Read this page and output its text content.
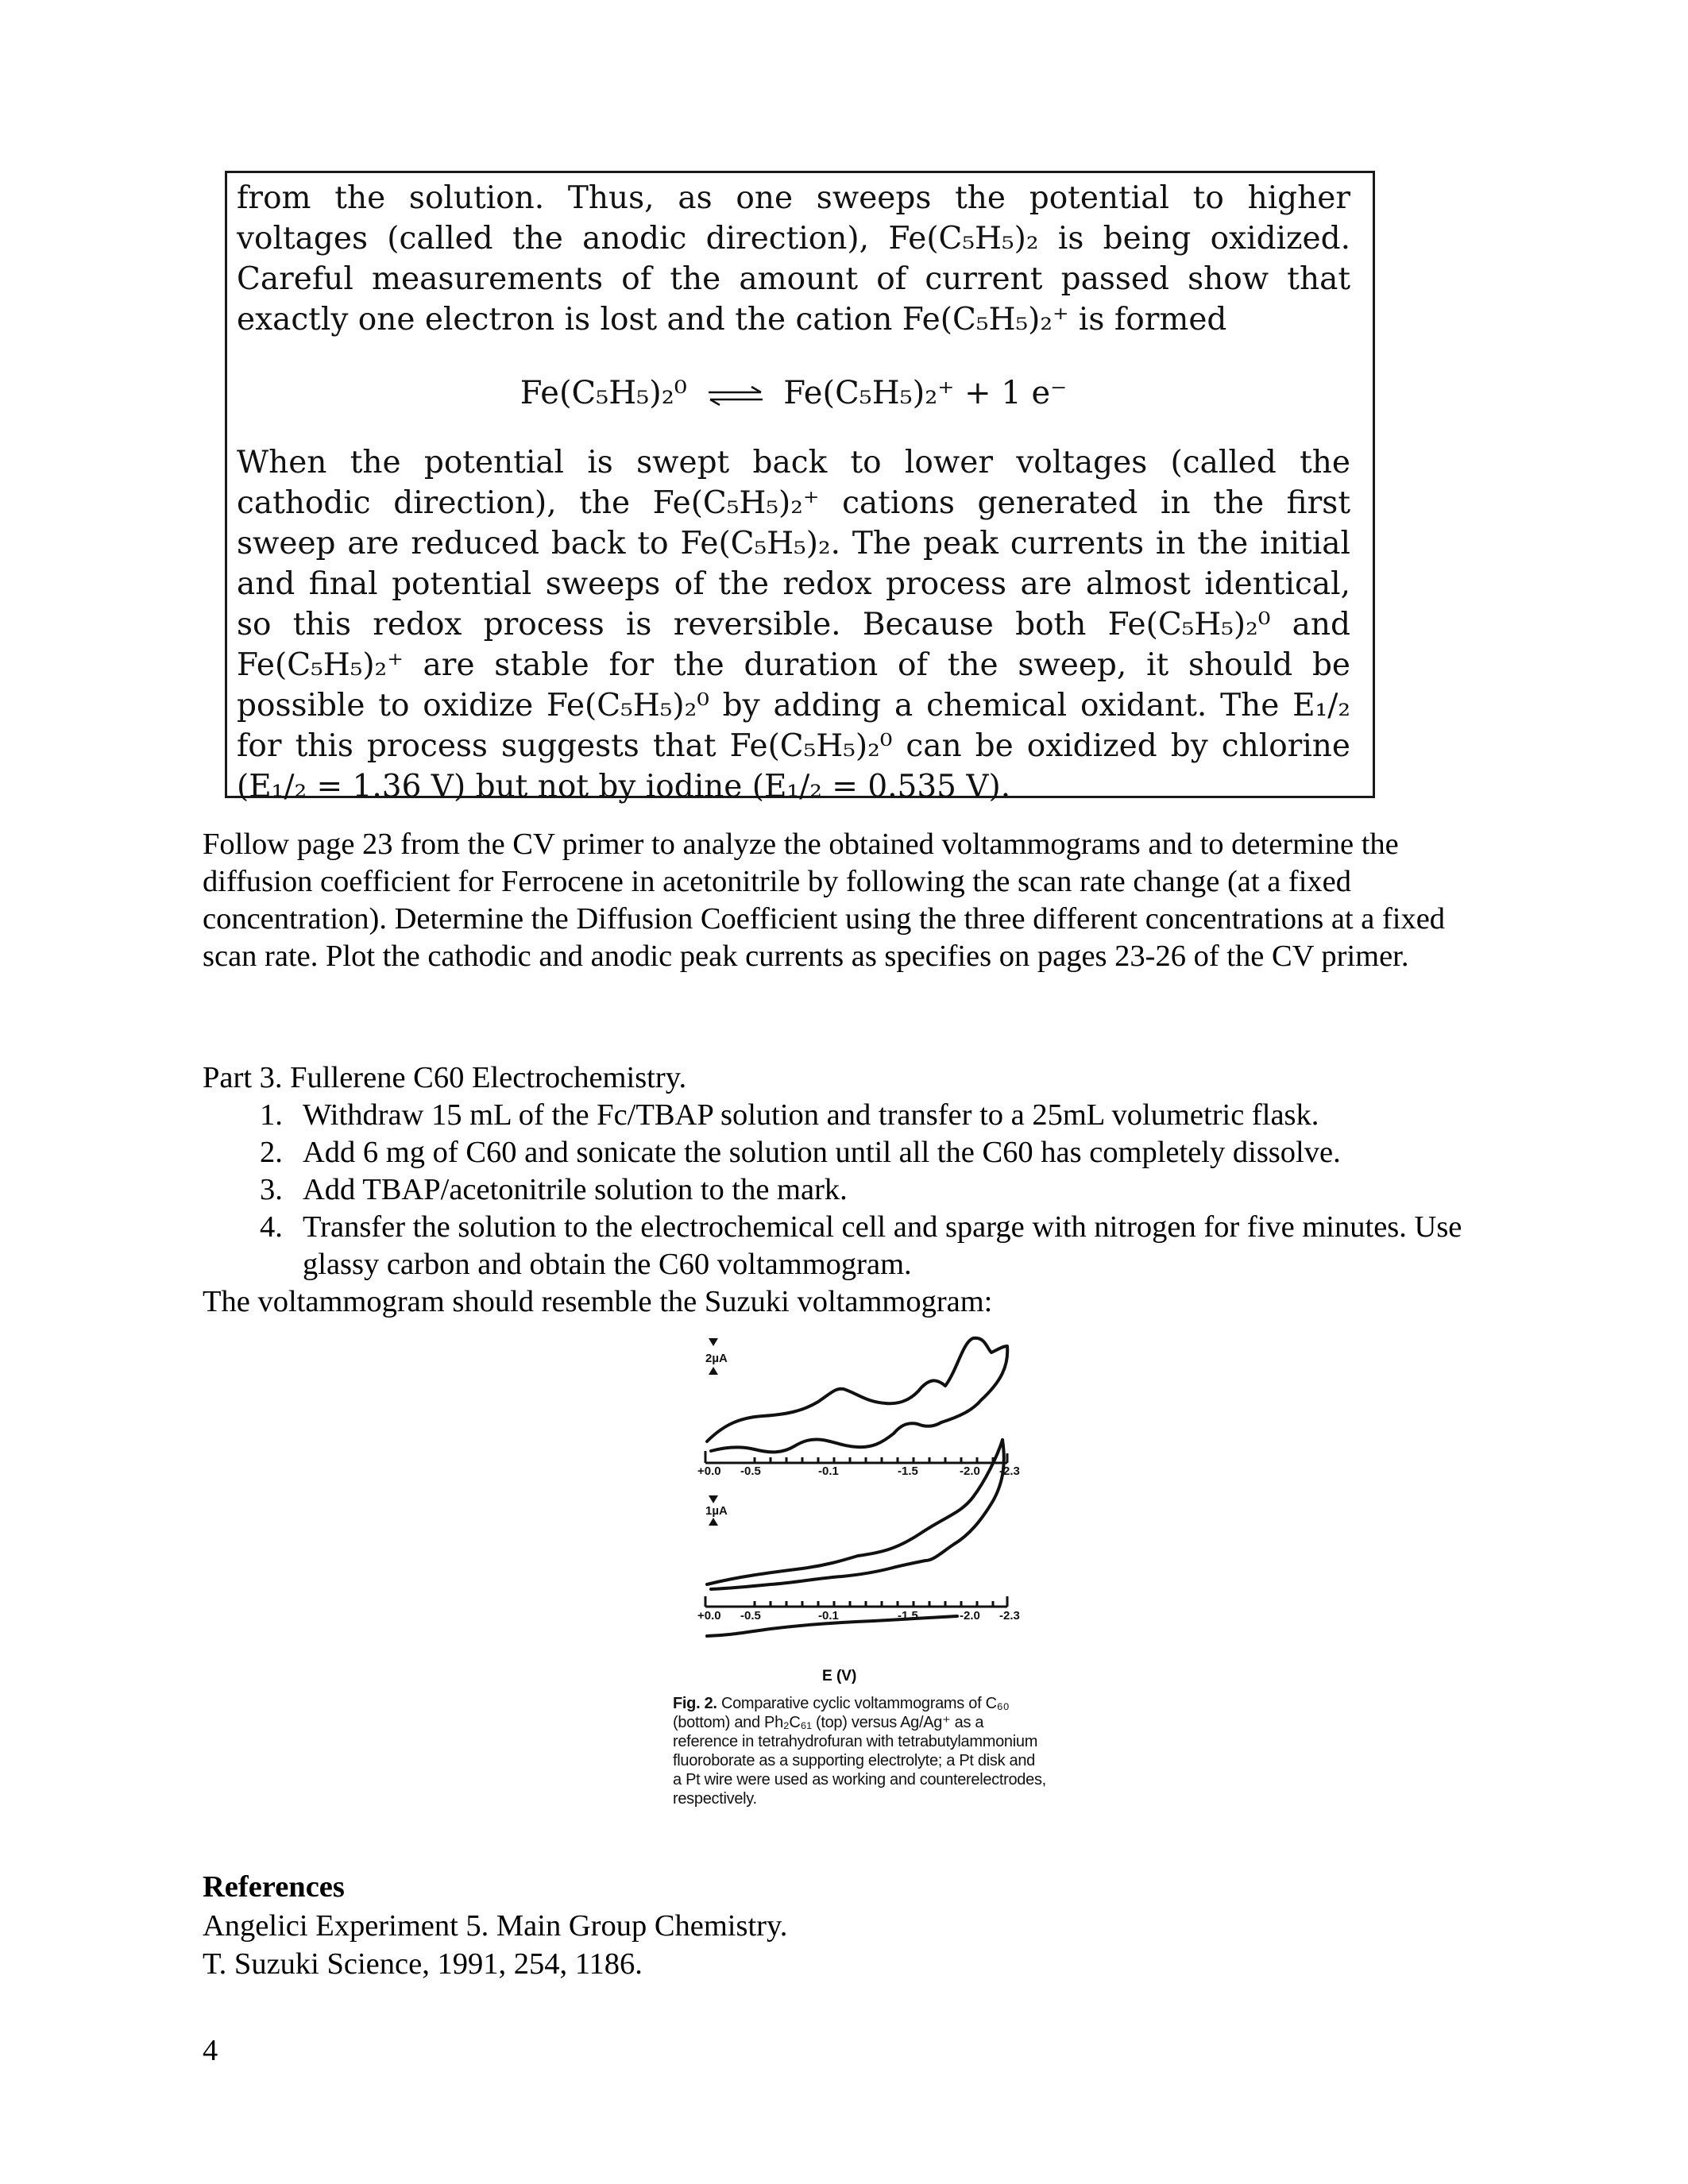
from the solution. Thus, as one sweeps the potential to higher voltages (called the anodic direction), Fe(C₅H₅)₂ is being oxidized. Careful measurements of the amount of current passed show that exactly one electron is lost and the cation Fe(C₅H₅)₂⁺ is formed

Fe(C₅H₅)₂⁰ ⇌ Fe(C₅H₅)₂⁺ + 1 e⁻

When the potential is swept back to lower voltages (called the cathodic direction), the Fe(C₅H₅)₂⁺ cations generated in the first sweep are reduced back to Fe(C₅H₅)₂. The peak currents in the initial and final potential sweeps of the redox process are almost identical, so this redox process is reversible. Because both Fe(C₅H₅)₂⁰ and Fe(C₅H₅)₂⁺ are stable for the duration of the sweep, it should be possible to oxidize Fe(C₅H₅)₂⁰ by adding a chemical oxidant. The E₁/₂ for this process suggests that Fe(C₅H₅)₂⁰ can be oxidized by chlorine (E₁/₂ = 1.36 V) but not by iodine (E₁/₂ = 0.535 V).

Follow page 23 from the CV primer to analyze the obtained voltammograms and to determine the diffusion coefficient for Ferrocene in acetonitrile by following the scan rate change (at a fixed concentration). Determine the Diffusion Coefficient using the three different concentrations at a fixed scan rate. Plot the cathodic and anodic peak currents as specifies on pages 23-26 of the CV primer.
Part 3. Fullerene C60 Electrochemistry.
1. Withdraw 15 mL of the Fc/TBAP solution and transfer to a 25mL volumetric flask.
2. Add 6 mg of C60 and sonicate the solution until all the C60 has completely dissolve.
3. Add TBAP/acetonitrile solution to the mark.
4. Transfer the solution to the electrochemical cell and sparge with nitrogen for five minutes. Use glassy carbon and obtain the C60 voltammogram.
The voltammogram should resemble the Suzuki voltammogram:
2µA
1µA
+0.0 -0.5	-0.1	-1.5	-2.0 -2.3
+0.0 -0.5	-0.1	-1.5	-2.0 -2.3
E (V)
Fig. 2. Comparative cyclic voltammograms of C₆₀ (bottom) and Ph₂C₆₁ (top) versus Ag/Ag⁺ as a reference in tetrahydrofuran with tetrabutylammonium fluoroborate as a supporting electrolyte; a Pt disk and a Pt wire were used as working and counterelectrodes, respectively.
References
Angelici Experiment 5. Main Group Chemistry.
T. Suzuki Science, 1991, 254, 1186.
4
